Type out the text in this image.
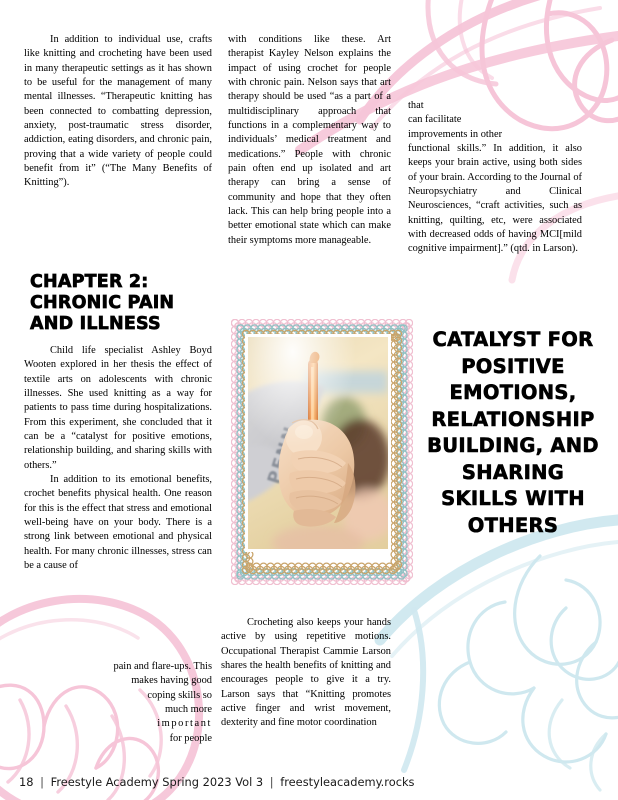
In addition to individual use, crafts like knitting and crocheting have been used in many therapeutic settings as it has shown to be useful for the management of many mental illnesses. “Therapeutic knitting has been connected to combatting depression, anxiety, post-traumatic stress disorder, addiction, eating disorders, and chronic pain, proving that a wide variety of people could benefit from it” (“The Many Benefits of Knitting”).

CHAPTER 2: CHRONIC PAIN AND ILLNESS

Child life specialist Ashley Boyd Wooten explored in her thesis the effect of textile arts on adolescents with chronic illnesses. She used knitting as a way for patients to pass time during hospitalizations. From this experiment, she concluded that it can be a “catalyst for positive emotions, relationship building, and sharing skills with others.”

In addition to its emotional benefits, crochet benefits physical health. One reason for this is the effect that stress and emotional well-being have on your body. There is a strong link between emotional and physical health. For many chronic illnesses, stress can be a cause of

pain and flare-ups. This

makes having good

coping skills so

much more

important

for people

with conditions like these. Art therapist Kayley Nelson explains the impact of using crochet for people with chronic pain. Nelson says that art therapy should be used “as a part of a multidisciplinary approach that functions in a complementary way to individuals’ medical treatment and medications.” People with chronic pain often end up isolated and art therapy can bring a sense of community and hope that they often lack. This can help bring people into a better emotional state which can make their symptoms more manageable.

Crocheting also keeps your hands active by using repetitive motions. Occupational Therapist Cammie Larson shares the health benefits of knitting and encourages people to give it a try. Larson says that “Knitting promotes active finger and wrist movement, dexterity and fine motor coordination

that

can facilitate

improvements in other

functional skills.” In addition, it also keeps your brain active, using both sides of your brain. According to the Journal of Neuropsychiatry and Clinical Neurosciences, “craft activities, such as knitting, quilting, etc, were associated with decreased odds of having MCI[mild cognitive impairment].” (qtd. in Larson).

CATALYST FOR POSITIVE EMOTIONS, RELATIONSHIP BUILDING, AND SHARING SKILLS WITH OTHERS
18 | Freestyle Academy Spring 2023 Vol 3 | freestyleacademy.rocks
